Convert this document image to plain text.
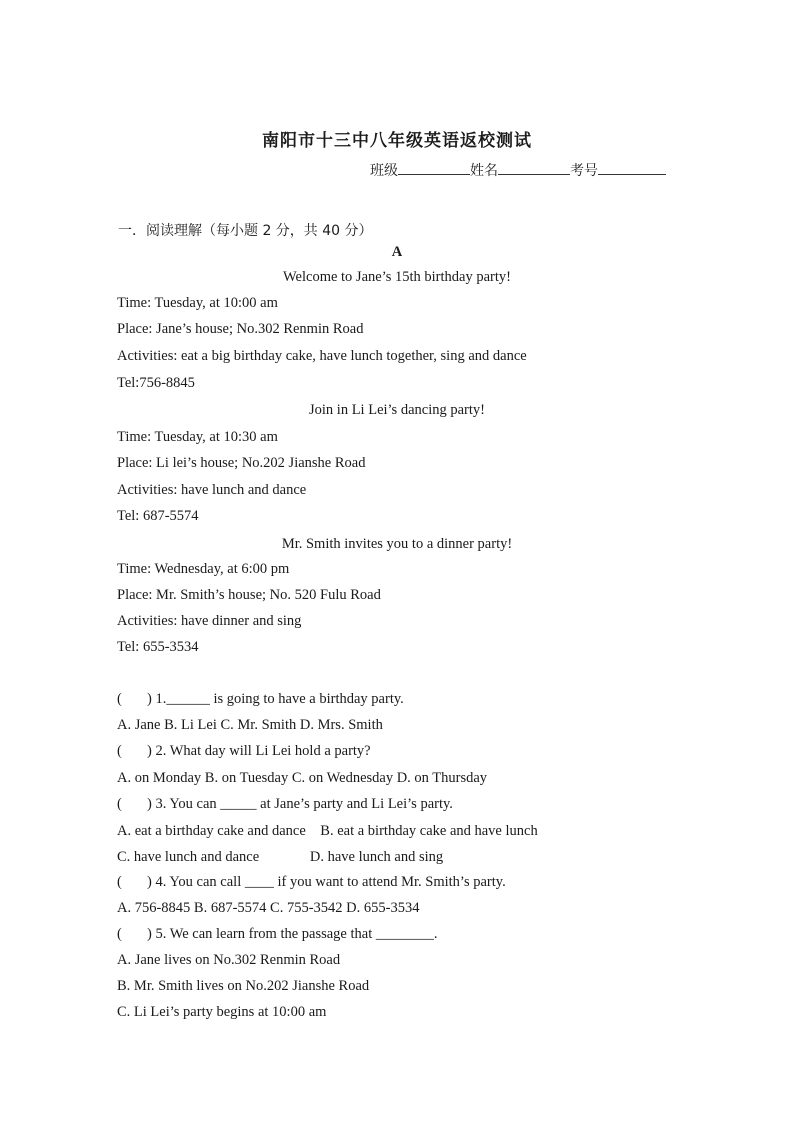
南阳市十三中八年级英语返校测试
班级	姓名	考号
一．阅读理解（每小题 2 分，共 40 分）
A
Welcome to Jane’s 15th birthday party!
Time: Tuesday, at 10:00 am
Place: Jane’s house; No.302 Renmin Road
Activities: eat a big birthday cake, have lunch together, sing and dance
Tel:756-8845
Join in Li Lei’s dancing party!
Time: Tuesday, at 10:30 am
Place: Li lei’s house; No.202 Jianshe Road
Activities: have lunch and dance
Tel: 687-5574
Mr. Smith invites you to a dinner party!
Time: Wednesday, at 6:00 pm
Place: Mr. Smith’s house; No. 520 Fulu Road
Activities: have dinner and sing
Tel: 655-3534
( ) 1.______ is going to have a birthday party.
A. Jane B. Li Lei C. Mr. Smith D. Mrs. Smith
( ) 2. What day will Li Lei hold a party?
A. on Monday B. on Tuesday C. on Wednesday D. on Thursday
( ) 3. You can _____ at Jane’s party and Li Lei’s party.
A. eat a birthday cake and dance    B. eat a birthday cake and have lunch
C. have lunch and dance              D. have lunch and sing
( ) 4. You can call ____ if you want to attend Mr. Smith’s party.
A. 756-8845 B. 687-5574 C. 755-3542 D. 655-3534
( ) 5. We can learn from the passage that ________.
A. Jane lives on No.302 Renmin Road
B. Mr. Smith lives on No.202 Jianshe Road
C. Li Lei’s party begins at 10:00 am
